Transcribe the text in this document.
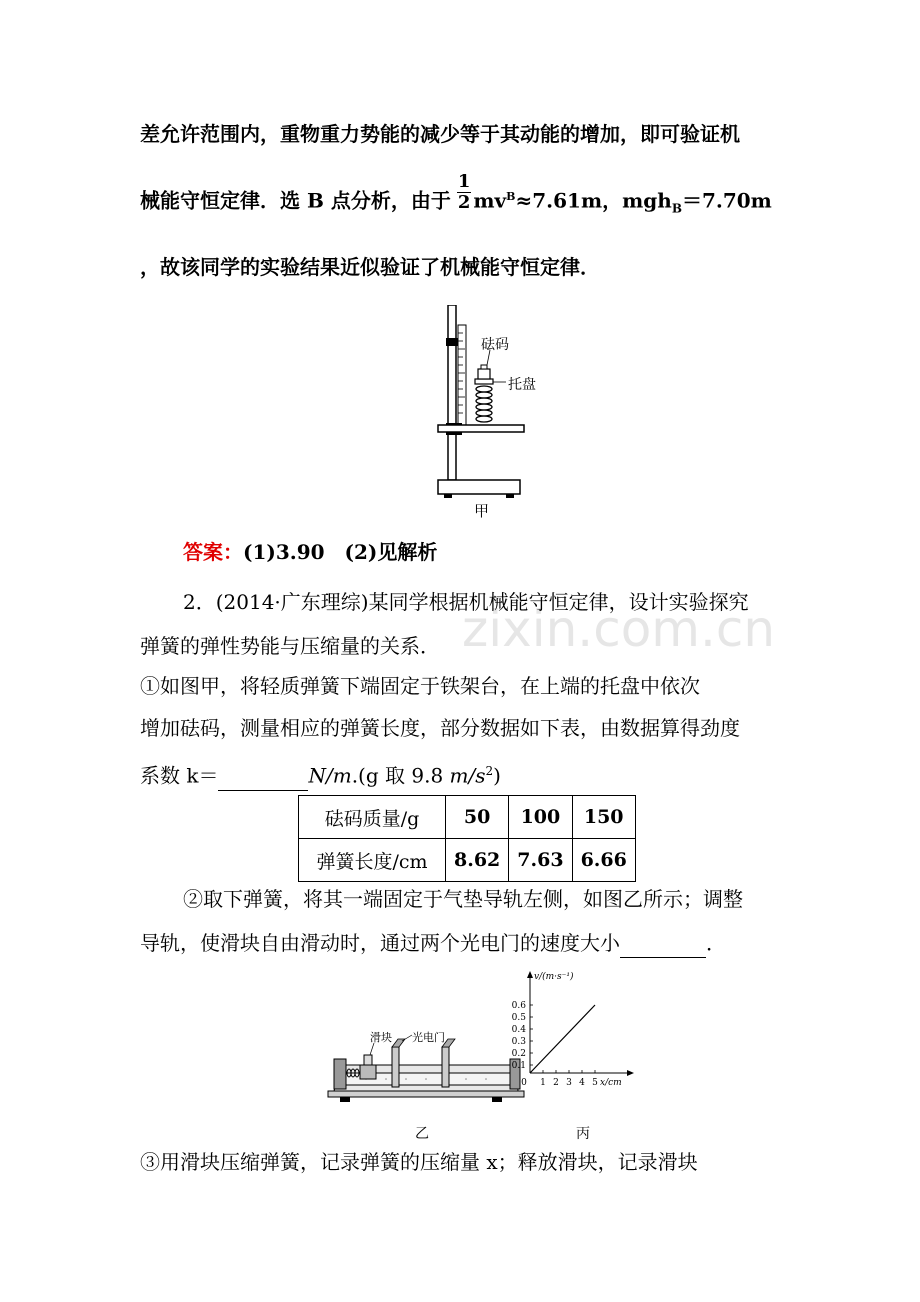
差允许范围内，重物重力势能的减少等于其动能的增加，即可验证机
械能守恒定律．选 B 点分析，由于 $\frac{1}{2} mv^B\approx 7.61m$，mgh$_B$＝7.70m
，故该同学的实验结果近似验证了机械能守恒定律．
砝码
托盘
甲
答案：(1)3.90　(2)见解析
zixin.com.cn
2．(2014·广东理综)某同学根据机械能守恒定律，设计实验探究
弹簧的弹性势能与压缩量的关系．
①如图甲，将轻质弹簧下端固定于铁架台，在上端的托盘中依次
增加砝码，测量相应的弹簧长度，部分数据如下表，由数据算得劲度
系数 k＝	N/m.(g 取 9.8 $m/s^2$)
砝码质量/g	50	100	150
弹簧长度/cm	8.62	7.63	6.66
②取下弹簧，将其一端固定于气垫导轨左侧，如图乙所示；调整
导轨，使滑块自由滑动时，通过两个光电门的速度大小	．
滑块 光电门
乙
0.6
0.5
0.4
0.3
0.2
0.1
0 1 2 3 4 5
v/(m·s⁻¹)
x/cm
丙
③用滑块压缩弹簧，记录弹簧的压缩量 x；释放滑块，记录滑块
